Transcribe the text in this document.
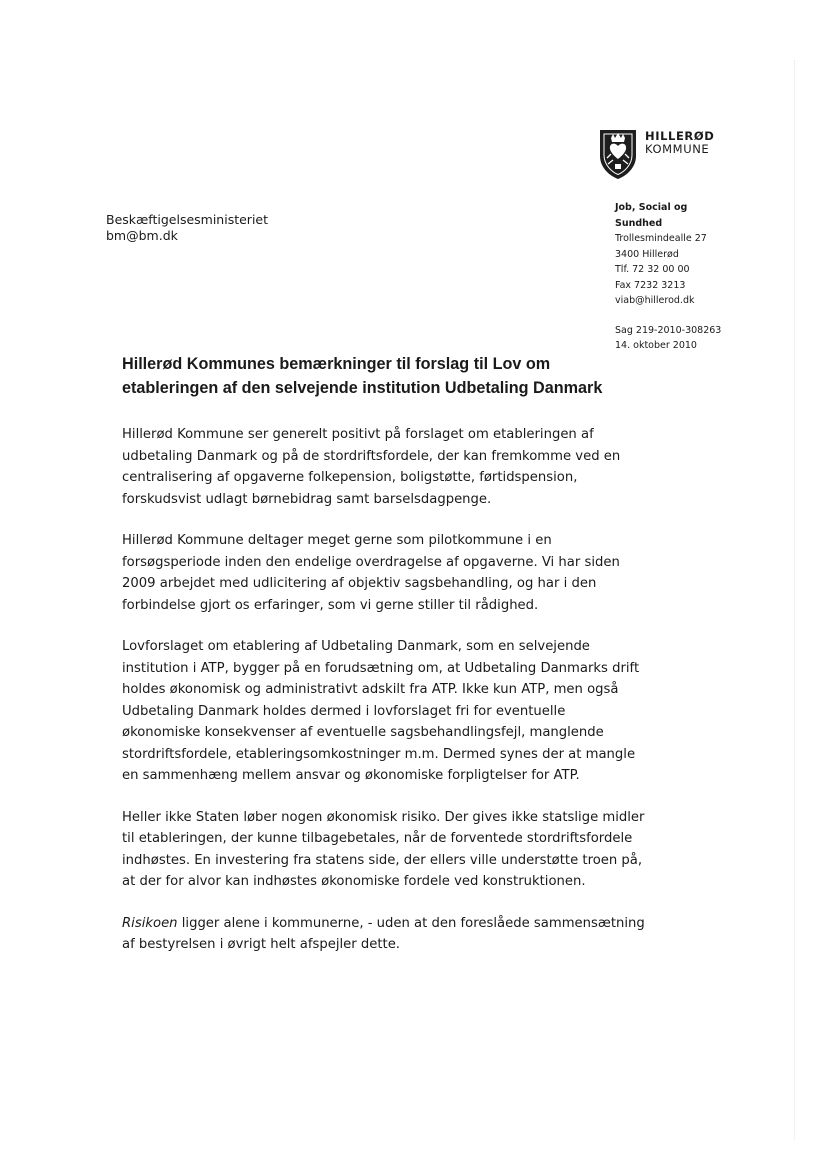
HILLERØD
KOMMUNE
Beskæftigelsesministeriet
bm@bm.dk
Job, Social og
Sundhed
Trollesmindealle 27
3400 Hillerød
Tlf. 72 32 00 00
Fax 7232 3213
viab@hillerod.dk
Sag 219-2010-308263
14. oktober 2010
Hillerød Kommunes bemærkninger til forslag til Lov om
etableringen af den selvejende institution Udbetaling Danmark

Hillerød Kommune ser generelt positivt på forslaget om etableringen af
udbetaling Danmark og på de stordriftsfordele, der kan fremkomme ved en
centralisering af opgaverne folkepension, boligstøtte, førtidspension,
forskudsvist udlagt børnebidrag samt barselsdagpenge.

Hillerød Kommune deltager meget gerne som pilotkommune i en
forsøgsperiode inden den endelige overdragelse af opgaverne. Vi har siden
2009 arbejdet med udlicitering af objektiv sagsbehandling, og har i den
forbindelse gjort os erfaringer, som vi gerne stiller til rådighed.

Lovforslaget om etablering af Udbetaling Danmark, som en selvejende
institution i ATP, bygger på en forudsætning om, at Udbetaling Danmarks drift
holdes økonomisk og administrativt adskilt fra ATP. Ikke kun ATP, men også
Udbetaling Danmark holdes dermed i lovforslaget fri for eventuelle
økonomiske konsekvenser af eventuelle sagsbehandlingsfejl, manglende
stordriftsfordele, etableringsomkostninger m.m. Dermed synes der at mangle
en sammenhæng mellem ansvar og økonomiske forpligtelser for ATP.

Heller ikke Staten løber nogen økonomisk risiko. Der gives ikke statslige midler
til etableringen, der kunne tilbagebetales, når de forventede stordriftsfordele
indhøstes. En investering fra statens side, der ellers ville understøtte troen på,
at der for alvor kan indhøstes økonomiske fordele ved konstruktionen.

Risikoen ligger alene i kommunerne, - uden at den foreslåede sammensætning
af bestyrelsen i øvrigt helt afspejler dette.
